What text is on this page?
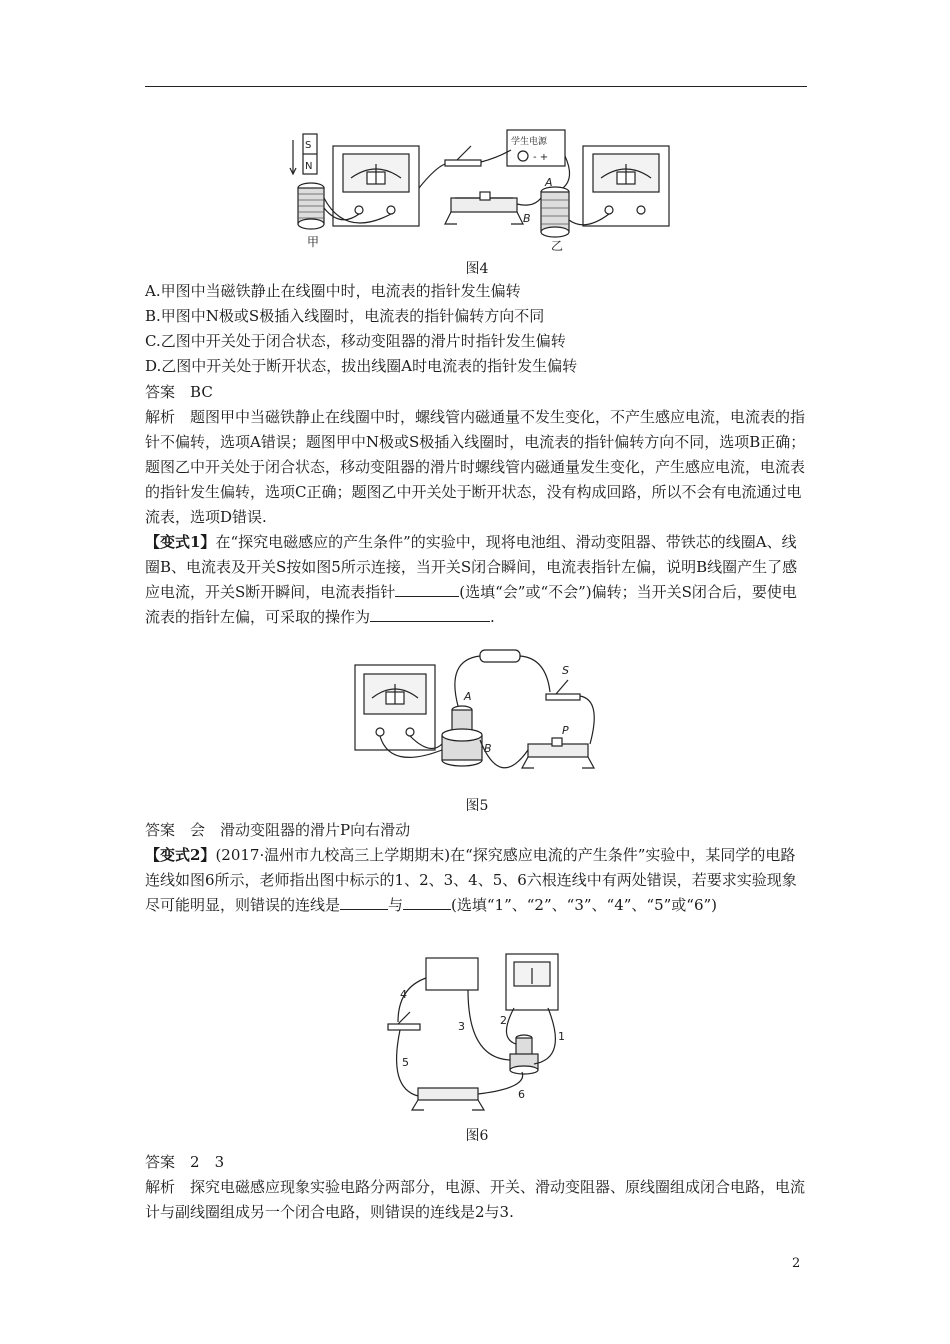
- +
S
N
学生电源
A
B
甲	乙
图4

A.甲图中当磁铁静止在线圈中时，电流表的指针发生偏转

B.甲图中N极或S极插入线圈时，电流表的指针偏转方向不同

C.乙图中开关处于闭合状态，移动变阻器的滑片时指针发生偏转

D.乙图中开关处于断开状态，拔出线圈A时电流表的指针发生偏转

答案　 BC

解析　 题图甲中当磁铁静止在线圈中时，螺线管内磁通量不发生变化，不产生感应电流，电流表的指针不偏转，选项A错误；题图甲中N极或S极插入线圈时，电流表的指针偏转方向不同，选项B正确；题图乙中开关处于闭合状态，移动变阻器的滑片时螺线管内磁通量发生变化，产生感应电流，电流表的指针发生偏转，选项C正确；题图乙中开关处于断开状态，没有构成回路，所以不会有电流通过电流表，选项D错误.

【变式1】在“探究电磁感应的产生条件”的实验中，现将电池组、滑动变阻器、带铁芯的线圈A、线圈B、电流表及开关S按如图5所示连接，当开关S闭合瞬间，电流表指针左偏，说明B线圈产生了感应电流，开关S断开瞬间，电流表指针	(选填“会”或“不会”)偏转；当开关S闭合后，要使电流表的指针左偏，可采取的操作为	.

A
B
S
P
图5

答案　 会　滑动变阻器的滑片P向右滑动

【变式2】(2017·温州市九校高三上学期期末)在“探究感应电流的产生条件”实验中，某同学的电路连线如图6所示，老师指出图中标示的1、2、3、4、5、6六根连线中有两处错误，若要求实验现象尽可能明显，则错误的连线是	与	(选填“1”、“2”、“3”、“4”、“5”或“6”)

4
3	2
1
5
6
图6

答案　 2　3

解析　 探究电磁感应现象实验电路分两部分，电源、开关、滑动变阻器、原线圈组成闭合电路，电流计与副线圈组成另一个闭合电路，则错误的连线是2与3.

2
